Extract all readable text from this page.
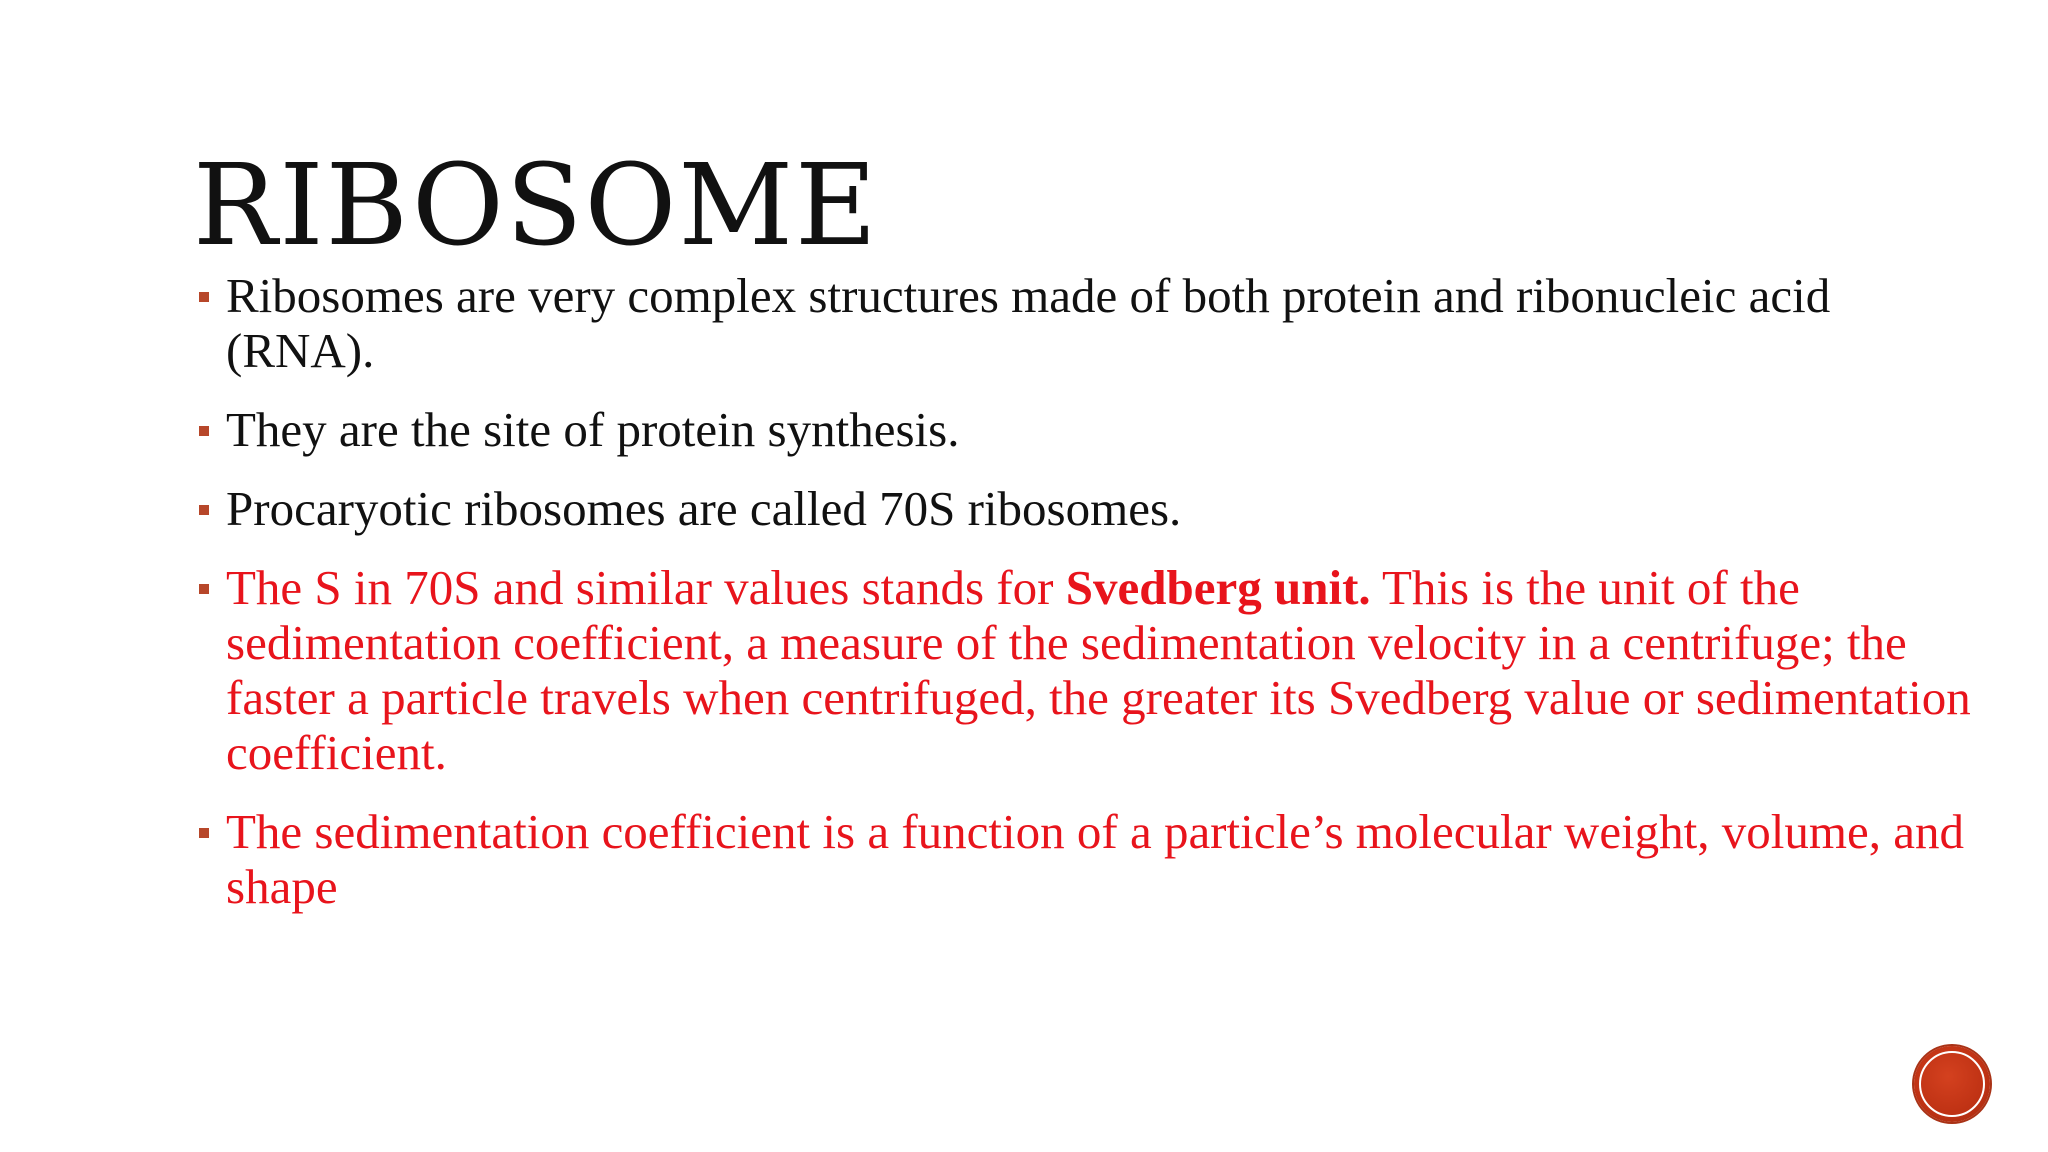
RIBOSOME
Ribosomes are very complex structures made of both protein and ribonucleic acid (RNA).
They are the site of protein synthesis.
Procaryotic ribosomes are called 70S ribosomes.
The S in 70S and similar values stands for Svedberg unit. This is the unit of the sedimentation coefficient, a measure of the sedimentation velocity in a centrifuge; the faster a particle travels when centrifuged, the greater its Svedberg value or sedimentation coefficient.
The sedimentation coefficient is a function of a particle’s molecular weight, volume, and shape
